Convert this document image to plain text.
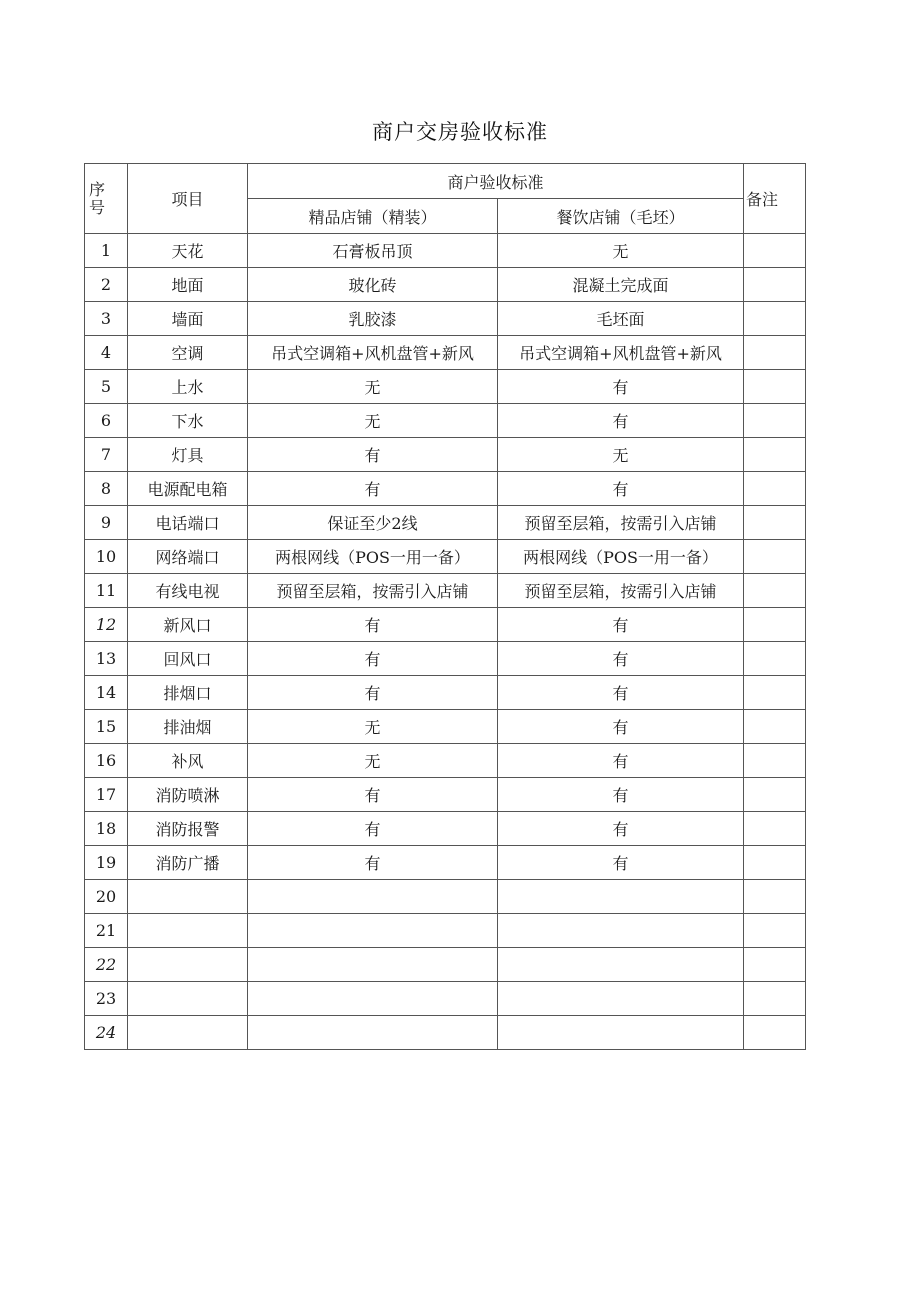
商户交房验收标准
序
号	项目	商户验收标准		备注
		精品店铺（精装）	餐饮店铺（毛坯）	
1	天花	石膏板吊顶	无	
2	地面	玻化砖	混凝土完成面	
3	墙面	乳胶漆	毛坯面	
4	空调	吊式空调箱+风机盘管+新风	吊式空调箱+风机盘管+新风	
5	上水	无	有	
6	下水	无	有	
7	灯具	有	无	
8	电源配电箱	有	有	
9	电话端口	保证至少2线	预留至层箱，按需引入店铺	
10	网络端口	两根网线（POS一用一备）	两根网线（POS一用一备）	
11	有线电视	预留至层箱，按需引入店铺	预留至层箱，按需引入店铺	
12	新风口	有	有	
13	回风口	有	有	
14	排烟口	有	有	
15	排油烟	无	有	
16	补风	无	有	
17	消防喷淋	有	有	
18	消防报警	有	有	
19	消防广播	有	有	
20				
21				
22				
23				
24				
